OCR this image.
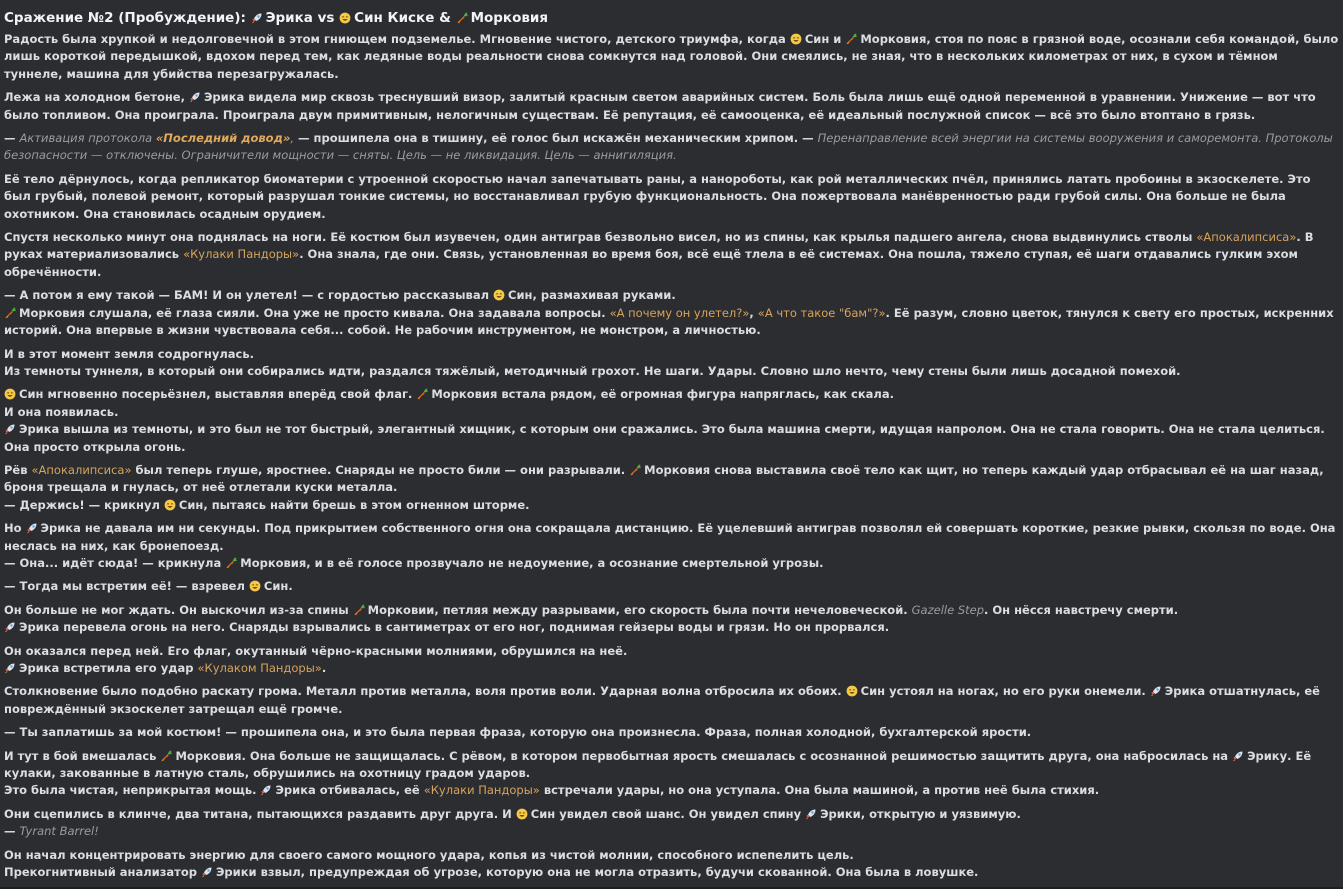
Сражение №2 (Пробуждение): Эрика vs Син Киске & Морковия
Радость была хрупкой и недолговечной в этом гниющем подземелье. Мгновение чистого, детского триумфа, когда Син и Морковия, стоя по пояс в грязной воде, осознали себя командой, было лишь короткой передышкой, вдохом перед тем, как ледяные воды реальности снова сомкнутся над головой. Они смеялись, не зная, что в нескольких километрах от них, в сухом и тёмном туннеле, машина для убийства перезагружалась.
Лежа на холодном бетоне, Эрика видела мир сквозь треснувший визор, залитый красным светом аварийных систем. Боль была лишь ещё одной переменной в уравнении. Унижение — вот что было топливом. Она проиграла. Проиграла двум примитивным, нелогичным существам. Её репутация, её самооценка, её идеальный послужной список — всё это было втоптано в грязь.
— Активация протокола «Последний довод», — прошипела она в тишину, её голос был искажён механическим хрипом. — Перенаправление всей энергии на системы вооружения и саморемонта. Протоколы безопасности — отключены. Ограничители мощности — сняты. Цель — не ликвидация. Цель — аннигиляция.
Её тело дёрнулось, когда репликатор биоматерии с утроенной скоростью начал запечатывать раны, а нанороботы, как рой металлических пчёл, принялись латать пробоины в экзоскелете. Это был грубый, полевой ремонт, который разрушал тонкие системы, но восстанавливал грубую функциональность. Она пожертвовала манёвренностью ради грубой силы. Она больше не была охотником. Она становилась осадным орудием.
Спустя несколько минут она поднялась на ноги. Её костюм был изувечен, один антиграв безвольно висел, но из спины, как крылья падшего ангела, снова выдвинулись стволы «Апокалипсиса». В руках материализовались «Кулаки Пандоры». Она знала, где они. Связь, установленная во время боя, всё ещё тлела в её системах. Она пошла, тяжело ступая, её шаги отдавались гулким эхом обречённости.
— А потом я ему такой — БАМ! И он улетел! — с гордостью рассказывал Син, размахивая руками.
Морковия слушала, её глаза сияли. Она уже не просто кивала. Она задавала вопросы. «А почему он улетел?», «А что такое "бам"?». Её разум, словно цветок, тянулся к свету его простых, искренних историй. Она впервые в жизни чувствовала себя... собой. Не рабочим инструментом, не монстром, а личностью.
И в этот момент земля содрогнулась.
Из темноты туннеля, в который они собирались идти, раздался тяжёлый, методичный грохот. Не шаги. Удары. Словно шло нечто, чему стены были лишь досадной помехой.
Син мгновенно посерьёзнел, выставляя вперёд свой флаг. Морковия встала рядом, её огромная фигура напряглась, как скала.
И она появилась.
Эрика вышла из темноты, и это был не тот быстрый, элегантный хищник, с которым они сражались. Это была машина смерти, идущая напролом. Она не стала говорить. Она не стала целиться. Она просто открыла огонь.
Рёв «Апокалипсиса» был теперь глуше, яростнее. Снаряды не просто били — они разрывали. Морковия снова выставила своё тело как щит, но теперь каждый удар отбрасывал её на шаг назад, броня трещала и гнулась, от неё отлетали куски металла.
— Держись! — крикнул Син, пытаясь найти брешь в этом огненном шторме.
Но Эрика не давала им ни секунды. Под прикрытием собственного огня она сокращала дистанцию. Её уцелевший антиграв позволял ей совершать короткие, резкие рывки, скользя по воде. Она неслась на них, как бронепоезд.
— Она... идёт сюда! — крикнула Морковия, и в её голосе прозвучало не недоумение, а осознание смертельной угрозы.
— Тогда мы встретим её! — взревел Син.
Он больше не мог ждать. Он выскочил из-за спины Морковии, петляя между разрывами, его скорость была почти нечеловеческой. Gazelle Step. Он нёсся навстречу смерти.
Эрика перевела огонь на него. Снаряды взрывались в сантиметрах от его ног, поднимая гейзеры воды и грязи. Но он прорвался.
Он оказался перед ней. Его флаг, окутанный чёрно-красными молниями, обрушился на неё.
Эрика встретила его удар «Кулаком Пандоры».
Столкновение было подобно раскату грома. Металл против металла, воля против воли. Ударная волна отбросила их обоих. Син устоял на ногах, но его руки онемели. Эрика отшатнулась, её повреждённый экзоскелет затрещал ещё громче.
— Ты заплатишь за мой костюм! — прошипела она, и это была первая фраза, которую она произнесла. Фраза, полная холодной, бухгалтерской ярости.
И тут в бой вмешалась Морковия. Она больше не защищалась. С рёвом, в котором первобытная ярость смешалась с осознанной решимостью защитить друга, она набросилась на Эрику. Её кулаки, закованные в латную сталь, обрушились на охотницу градом ударов.
Это была чистая, неприкрытая мощь. Эрика отбивалась, её «Кулаки Пандоры» встречали удары, но она уступала. Она была машиной, а против неё была стихия.
Они сцепились в клинче, два титана, пытающихся раздавить друг друга. И Син увидел свой шанс. Он увидел спину Эрики, открытую и уязвимую.
— Tyrant Barrel!
Он начал концентрировать энергию для своего самого мощного удара, копья из чистой молнии, способного испепелить цель.
Прекогнитивный анализатор Эрики взвыл, предупреждая об угрозе, которую она не могла отразить, будучи скованной. Она была в ловушке.
